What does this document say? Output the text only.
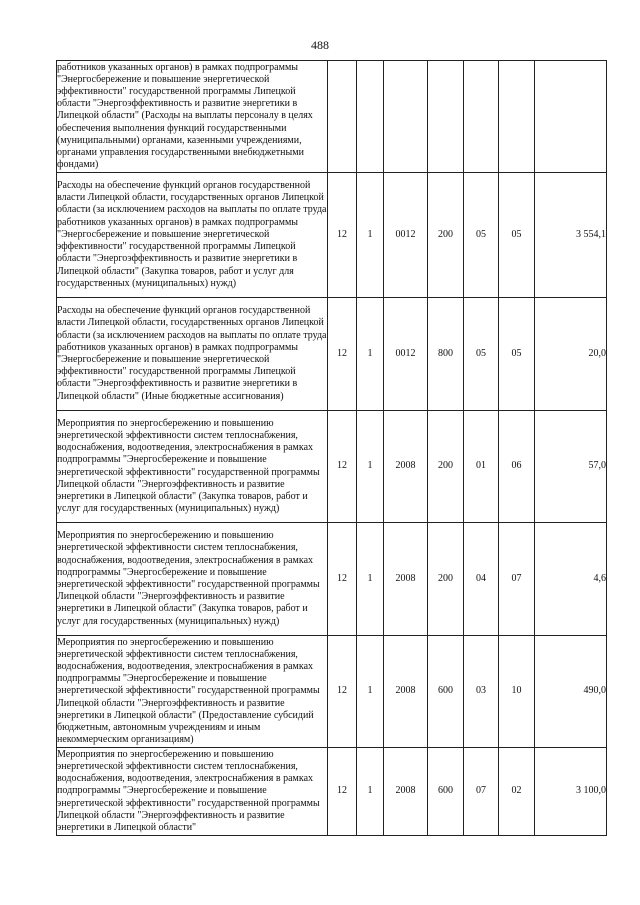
488
работников указанных органов) в рамках подпрограммы "Энергосбережение и повышение энергетической эффективности" государственной программы Липецкой области "Энергоэффективность и развитие энергетики в Липецкой области" (Расходы на выплаты персоналу в целях обеспечения выполнения функций государственными (муниципальными) органами, казенными учреждениями, органами управления государственными внебюджетными фондами)							
Расходы на обеспечение функций органов государственной власти Липецкой области, государственных органов Липецкой области (за исключением расходов на выплаты по оплате труда работников указанных органов) в рамках подпрограммы "Энергосбережение и повышение энергетической эффективности" государственной программы Липецкой области "Энергоэффективность и развитие энергетики в Липецкой области" (Закупка товаров, работ и услуг для государственных (муниципальных) нужд)	12	1	0012	200	05	05	3 554,1
Расходы на обеспечение функций органов государственной власти Липецкой области, государственных органов Липецкой области (за исключением расходов на выплаты по оплате труда работников указанных органов) в рамках подпрограммы "Энергосбережение и повышение энергетической эффективности" государственной программы Липецкой области "Энергоэффективность и развитие энергетики в Липецкой области" (Иные бюджетные ассигнования)	12	1	0012	800	05	05	20,0
Мероприятия по энергосбережению и повышению энергетической эффективности систем теплоснабжения, водоснабжения, водоотведения, электроснабжения в рамках подпрограммы "Энергосбережение и повышение энергетической эффективности" государственной программы Липецкой области "Энергоэффективность и развитие энергетики в Липецкой области" (Закупка товаров, работ и услуг для государственных (муниципальных) нужд)	12	1	2008	200	01	06	57,0
Мероприятия по энергосбережению и повышению энергетической эффективности систем теплоснабжения, водоснабжения, водоотведения, электроснабжения в рамках подпрограммы "Энергосбережение и повышение энергетической эффективности" государственной программы Липецкой области "Энергоэффективность и развитие энергетики в Липецкой области" (Закупка товаров, работ и услуг для государственных (муниципальных) нужд)	12	1	2008	200	04	07	4,6
Мероприятия по энергосбережению и повышению энергетической эффективности систем теплоснабжения, водоснабжения, водоотведения, электроснабжения в рамках подпрограммы "Энергосбережение и повышение энергетической эффективности" государственной программы Липецкой области "Энергоэффективность и развитие энергетики в Липецкой области" (Предоставление субсидий бюджетным, автономным учреждениям и иным некоммерческим организациям)	12	1	2008	600	03	10	490,0
Мероприятия по энергосбережению и повышению энергетической эффективности систем теплоснабжения, водоснабжения, водоотведения, электроснабжения в рамках подпрограммы "Энергосбережение и повышение энергетической эффективности" государственной программы Липецкой области "Энергоэффективность и развитие энергетики в Липецкой области"	12	1	2008	600	07	02	3 100,0
